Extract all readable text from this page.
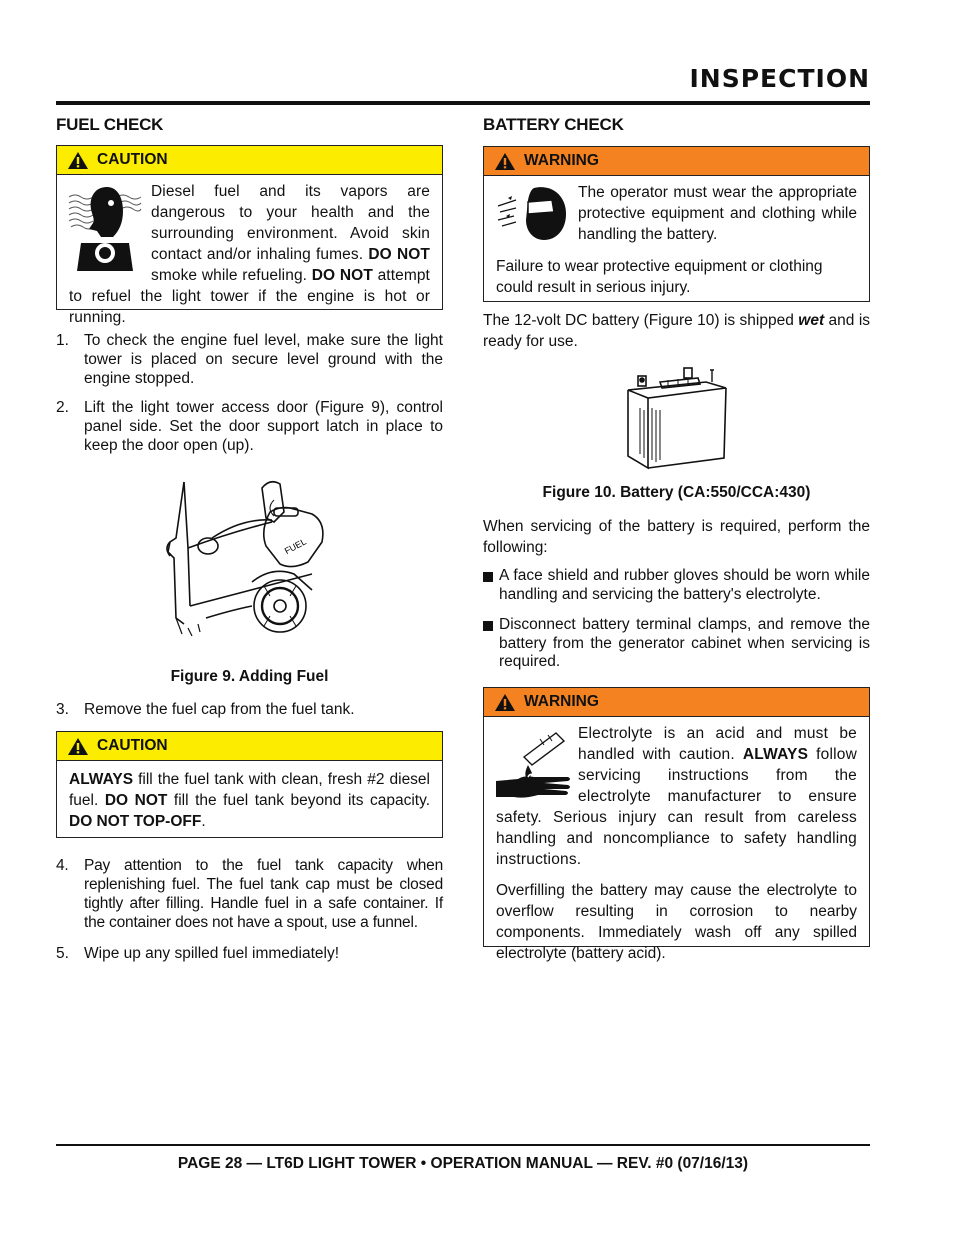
INSPECTION
FUEL CHECK
CAUTION
Diesel fuel and its vapors are dangerous to your health and the surrounding environment. Avoid skin contact and/or inhaling fumes. DO NOT smoke while refueling. DO NOT attempt to refuel the light tower if the engine is hot or running.
1. To check the engine fuel level, make sure the light tower is placed on secure level ground with the engine stopped.
2. Lift the light tower access door (Figure 9), control panel side. Set the door support latch in place to keep the door open (up).
FUEL
Figure 9. Adding Fuel
3. Remove the fuel cap from the fuel tank.
CAUTION
ALWAYS fill the fuel tank with clean, fresh #2 diesel fuel. DO NOT fill the fuel tank beyond its capacity. DO NOT TOP-OFF.
4. Pay attention to the fuel tank capacity when replenishing fuel. The fuel tank cap must be closed tightly after filling. Handle fuel in a safe container. If the container does not have a spout, use a funnel.
5. Wipe up any spilled fuel immediately!
BATTERY CHECK
WARNING
The operator must wear the appropriate protective equipment and clothing while handling the battery.
Failure to wear protective equipment or clothing could result in serious injury.
The 12-volt DC battery (Figure 10) is shipped wet and is ready for use.
Figure 10. Battery (CA:550/CCA:430)
When servicing of the battery is required, perform the following:
A face shield and rubber gloves should be worn while handling and servicing the battery's electrolyte.
Disconnect battery terminal clamps, and remove the battery from the generator cabinet when servicing is required.
WARNING
Electrolyte is an acid and must be handled with caution. ALWAYS follow servicing instructions from the electrolyte manufacturer to ensure safety. Serious injury can result from careless handling and noncompliance to safety handling instructions.
Overfilling the battery may cause the electrolyte to overflow resulting in corrosion to nearby components. Immediately wash off any spilled electrolyte (battery acid).
PAGE 28 — LT6D LIGHT TOWER • OPERATION MANUAL — REV. #0 (07/16/13)
